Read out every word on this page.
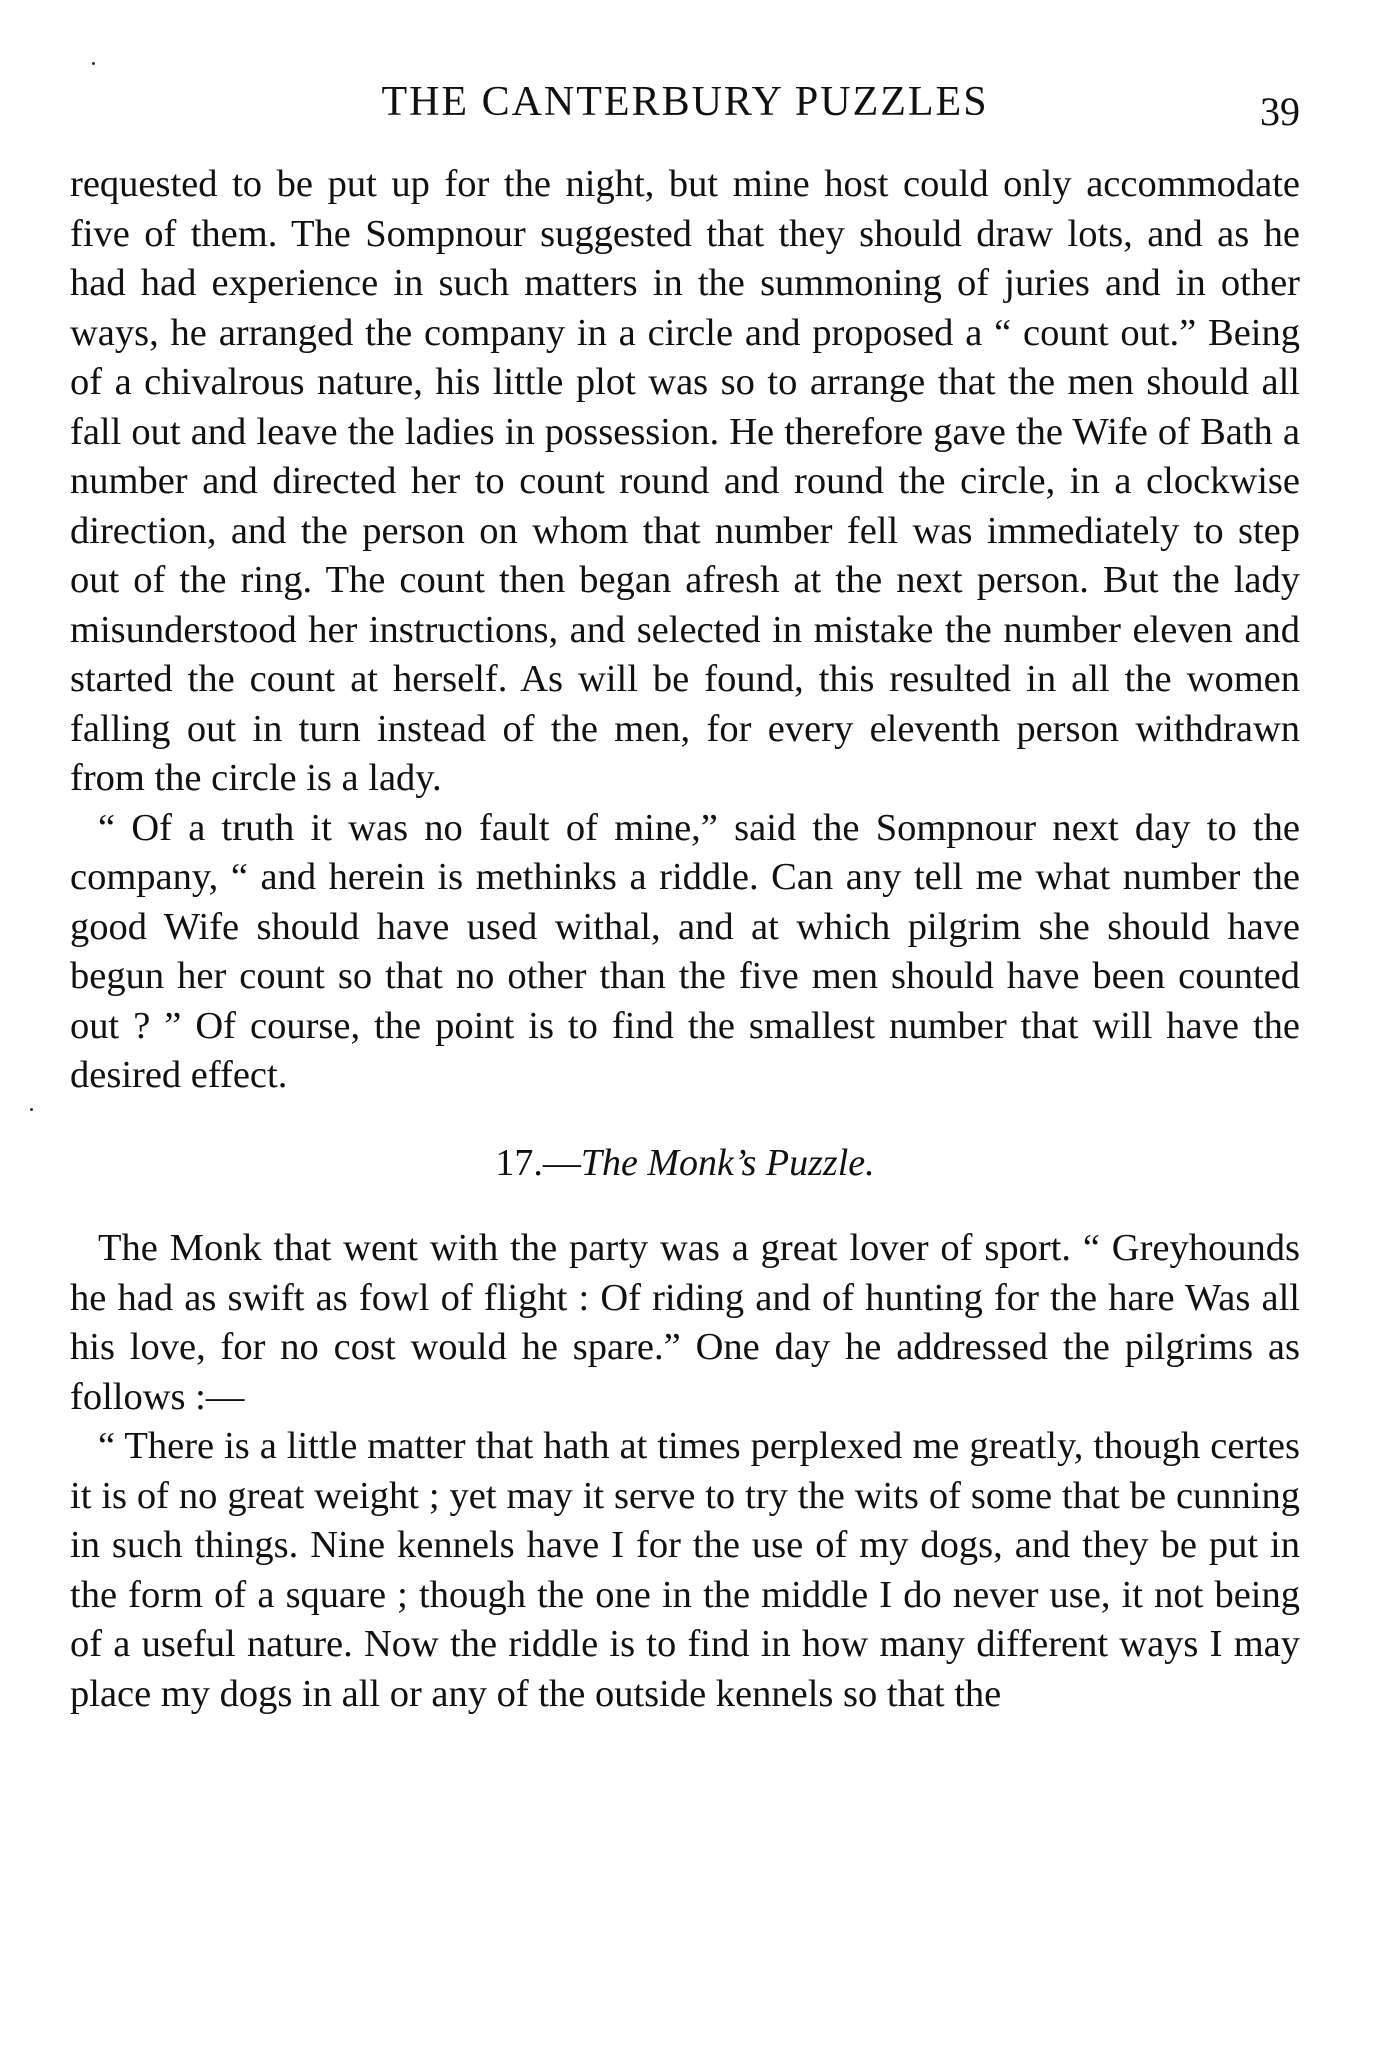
THE CANTERBURY PUZZLES	39

requested to be put up for the night, but mine host could only accommodate five of them. The Sompnour suggested that they should draw lots, and as he had had experience in such matters in the summoning of juries and in other ways, he arranged the company in a circle and proposed a “ count out.” Being of a chivalrous nature, his little plot was so to arrange that the men should all fall out and leave the ladies in possession. He therefore gave the Wife of Bath a number and directed her to count round and round the circle, in a clockwise direction, and the person on whom that number fell was immediately to step out of the ring. The count then began afresh at the next person. But the lady misunderstood her instructions, and selected in mistake the number eleven and started the count at herself. As will be found, this resulted in all the women falling out in turn instead of the men, for every eleventh person withdrawn from the circle is a lady.

“ Of a truth it was no fault of mine,” said the Sompnour next day to the company, “ and herein is methinks a riddle. Can any tell me what number the good Wife should have used withal, and at which pilgrim she should have begun her count so that no other than the five men should have been counted out ? ” Of course, the point is to find the smallest number that will have the desired effect.

17.—The Monk’s Puzzle.

The Monk that went with the party was a great lover of sport. “ Greyhounds he had as swift as fowl of flight : Of riding and of hunting for the hare Was all his love, for no cost would he spare.” One day he addressed the pilgrims as follows :—

“ There is a little matter that hath at times perplexed me greatly, though certes it is of no great weight ; yet may it serve to try the wits of some that be cunning in such things. Nine kennels have I for the use of my dogs, and they be put in the form of a square ; though the one in the middle I do never use, it not being of a useful nature. Now the riddle is to find in how many different ways I may place my dogs in all or any of the outside kennels so that the
